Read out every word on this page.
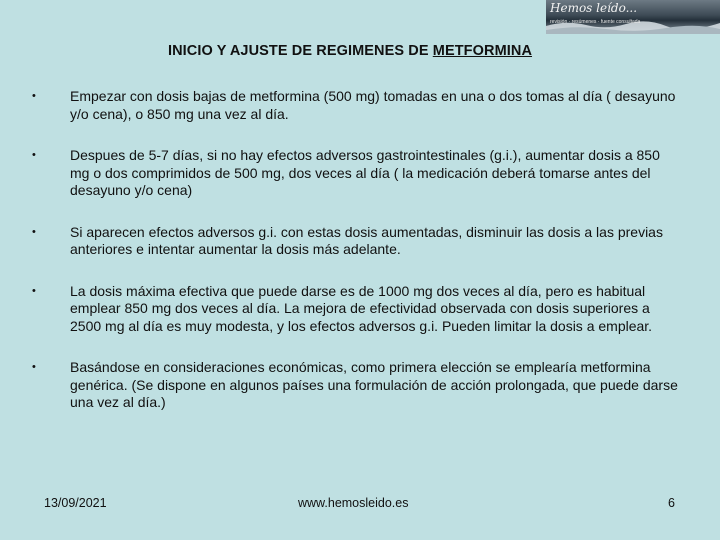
Hemos leído...
revisión · resúmenes · fuente consultada
INICIO Y AJUSTE DE REGIMENES DE METFORMINA
• Empezar con dosis bajas de metformina (500 mg) tomadas en una o dos tomas al día ( desayuno y/o cena), o 850 mg una vez al día.
• Despues de 5-7 días, si no hay efectos adversos gastrointestinales (g.i.), aumentar dosis a 850 mg o dos comprimidos de 500 mg, dos veces al día ( la medicación deberá tomarse antes del desayuno y/o cena)
• Si aparecen efectos adversos g.i. con estas dosis aumentadas, disminuir las dosis a las previas anteriores e intentar aumentar la dosis más adelante.
• La dosis máxima efectiva que puede darse es de 1000 mg dos veces al día, pero es habitual emplear 850 mg dos veces al día. La mejora de efectividad observada con dosis superiores a 2500 mg al día es muy modesta, y los efectos adversos g.i. Pueden limitar la dosis a emplear.
• Basándose en consideraciones económicas, como primera elección se emplearía metformina genérica. (Se dispone en algunos países una formulación de acción prolongada, que puede darse una vez al día.)
13/09/2021	www.hemosleido.es	6
